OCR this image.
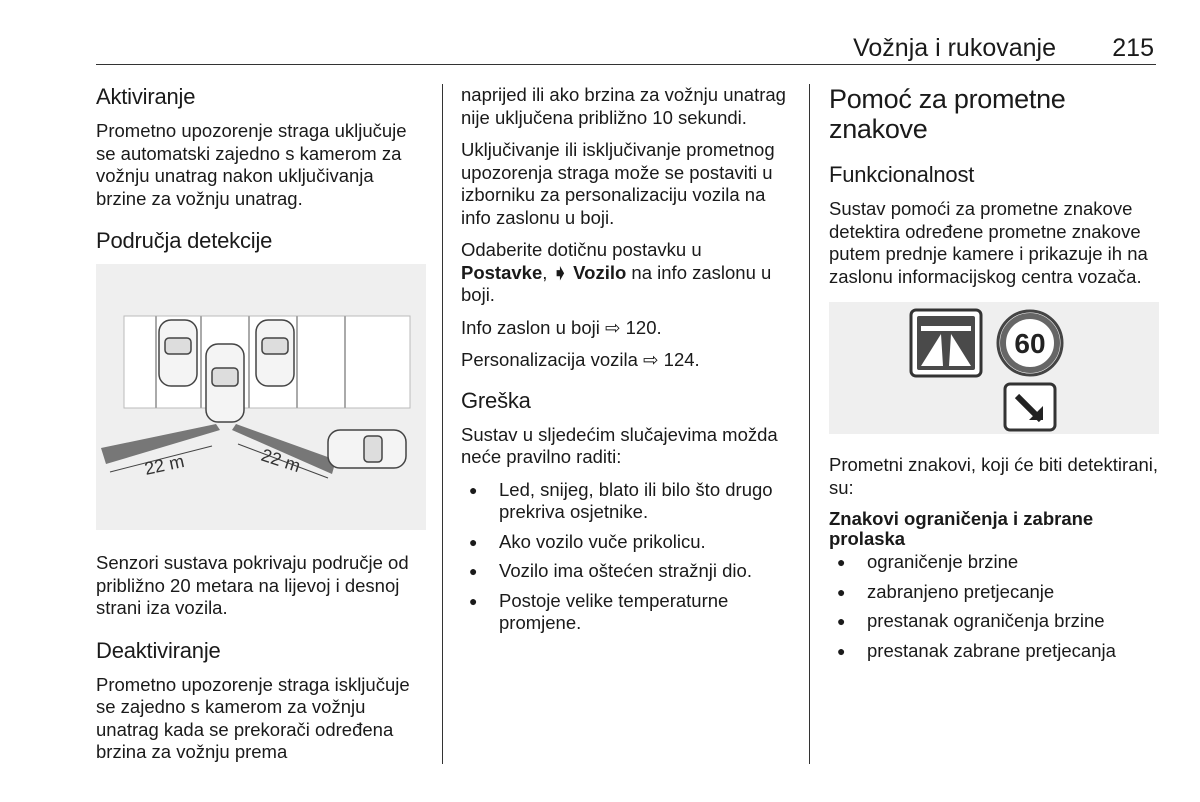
Vožnja i rukovanje 215
Aktiviranje

Prometno upozorenje straga uključuje se automatski zajedno s kamerom za vožnju unatrag nakon uključivanja brzine za vožnju unatrag.

Područja detekcije
22 m	22 m

Senzori sustava pokrivaju područje od približno 20 metara na lijevoj i desnoj strani iza vozila.

Deaktiviranje

Prometno upozorenje straga isključuje se zajedno s kamerom za vožnju unatrag kada se prekorači određena brzina za vožnju prema

naprijed ili ako brzina za vožnju unatrag nije uključena približno 10 sekundi.

Uključivanje ili isključivanje prometnog upozorenja straga može se postaviti u izborniku za personalizaciju vozila na info zaslonu u boji.

Odaberite dotičnu postavku u Postavke, ➧ Vozilo na info zaslonu u boji.

Info zaslon u boji ⇨ 120.

Personalizacija vozila ⇨ 124.

Greška

Sustav u sljedećim slučajevima možda neće pravilno raditi:

● Led, snijeg, blato ili bilo što drugo prekriva osjetnike.
● Ako vozilo vuče prikolicu.
● Vozilo ima oštećen stražnji dio.
● Postoje velike temperaturne promjene.
Pomoć za prometne znakove
Funkcionalnost

Sustav pomoći za prometne znakove detektira određene prometne znakove putem prednje kamere i prikazuje ih na zaslonu informacijskog centra vozača.

60

Prometni znakovi, koji će biti detektirani, su:

Znakovi ograničenja i zabrane prolaska

● ograničenje brzine
● zabranjeno pretjecanje
● prestanak ograničenja brzine
● prestanak zabrane pretjecanja
